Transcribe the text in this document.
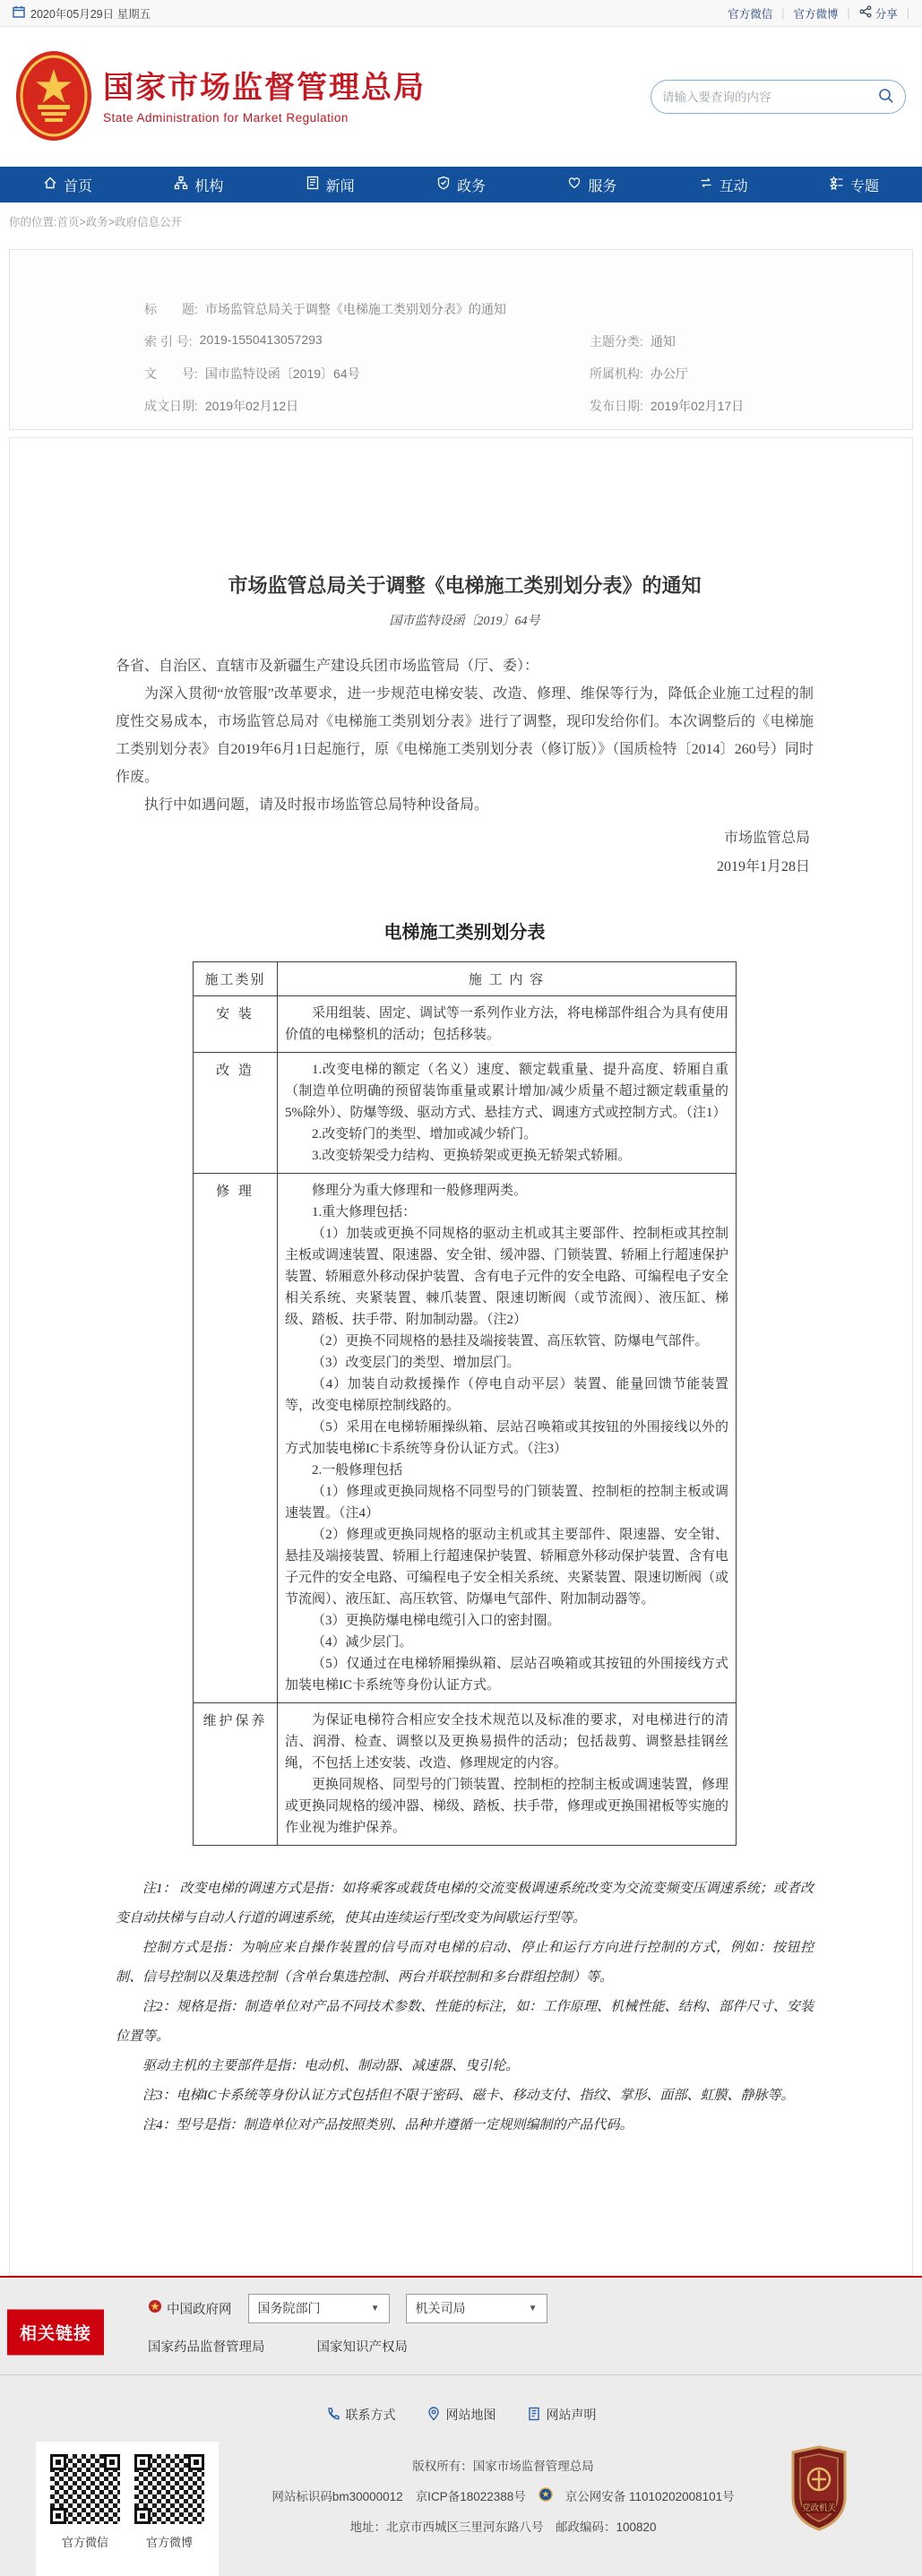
2020年05月29日 星期五	官方微信 | 官方微博 | 分享 |
国家市场监督管理总局
State Administration for Market Regulation
请输入要查询的内容
首页	机构	新闻	政务	服务	互动	专题
你的位置:首页>政务>政府信息公开
标　　题: 市场监管总局关于调整《电梯施工类别划分表》的通知
索 引 号: 2019-1550413057293	主题分类: 通知
文　　号: 国市监特设函〔2019〕64号	所属机构: 办公厅
成文日期: 2019年02月12日	发布日期: 2019年02月17日
市场监管总局关于调整《电梯施工类别划分表》的通知
国市监特设函〔2019〕64号

各省、自治区、直辖市及新疆生产建设兵团市场监管局（厅、委）：

为深入贯彻“放管服”改革要求，进一步规范电梯安装、改造、修理、维保等行为，降低企业施工过程的制度性交易成本，市场监管总局对《电梯施工类别划分表》进行了调整，现印发给你们。本次调整后的《电梯施工类别划分表》自2019年6月1日起施行，原《电梯施工类别划分表（修订版）》（国质检特〔2014〕260号）同时作废。

执行中如遇问题，请及时报市场监管总局特种设备局。

市场监管总局
2019年1月28日
电梯施工类别划分表
施工类别	施 工 内 容
安 装	采用组装、固定、调试等一系列作业方法，将电梯部件组合为具有使用价值的电梯整机的活动；包括移装。

改 造	1.改变电梯的额定（名义）速度、额定载重量、提升高度、轿厢自重（制造单位明确的预留装饰重量或累计增加/减少质量不超过额定载重量的5%除外）、防爆等级、驱动方式、悬挂方式、调速方式或控制方式。（注1）

2.改变轿门的类型、增加或减少轿门。

3.改变轿架受力结构、更换轿架或更换无轿架式轿厢。

修 理	修理分为重大修理和一般修理两类。

1.重大修理包括：

（1）加装或更换不同规格的驱动主机或其主要部件、控制柜或其控制主板或调速装置、限速器、安全钳、缓冲器、门锁装置、轿厢上行超速保护装置、轿厢意外移动保护装置、含有电子元件的安全电路、可编程电子安全相关系统、夹紧装置、棘爪装置、限速切断阀（或节流阀）、液压缸、梯级、踏板、扶手带、附加制动器。（注2）

（2）更换不同规格的悬挂及端接装置、高压软管、防爆电气部件。

（3）改变层门的类型、增加层门。

（4）加装自动救援操作（停电自动平层）装置、能量回馈节能装置等，改变电梯原控制线路的。

（5）采用在电梯轿厢操纵箱、层站召唤箱或其按钮的外围接线以外的方式加装电梯IC卡系统等身份认证方式。（注3）

2.一般修理包括

（1）修理或更换同规格不同型号的门锁装置、控制柜的控制主板或调速装置。（注4）

（2）修理或更换同规格的驱动主机或其主要部件、限速器、安全钳、悬挂及端接装置、轿厢上行超速保护装置、轿厢意外移动保护装置、含有电子元件的安全电路、可编程电子安全相关系统、夹紧装置、限速切断阀（或节流阀）、液压缸、高压软管、防爆电气部件、附加制动器等。

（3）更换防爆电梯电缆引入口的密封圈。

（4）减少层门。

（5）仅通过在电梯轿厢操纵箱、层站召唤箱或其按钮的外围接线方式加装电梯IC卡系统等身份认证方式。

维护保养	为保证电梯符合相应安全技术规范以及标准的要求，对电梯进行的清洁、润滑、检查、调整以及更换易损件的活动；包括裁剪、调整悬挂钢丝绳，不包括上述安装、改造、修理规定的内容。

更换同规格、同型号的门锁装置、控制柜的控制主板或调速装置，修理或更换同规格的缓冲器、梯级、踏板、扶手带，修理或更换围裙板等实施的作业视为维护保养。

注1： 改变电梯的调速方式是指：如将乘客或载货电梯的交流变极调速系统改变为交流变频变压调速系统；或者改变自动扶梯与自动人行道的调速系统，使其由连续运行型改变为间歇运行型等。

控制方式是指：为响应来自操作装置的信号而对电梯的启动、停止和运行方向进行控制的方式，例如：按钮控制、信号控制以及集选控制（含单台集选控制、两台并联控制和多台群组控制）等。

注2：规格是指：制造单位对产品不同技术参数、性能的标注，如：工作原理、机械性能、结构、部件尺寸、安装位置等。

驱动主机的主要部件是指：电动机、制动器、减速器、曳引轮。

注3：电梯IC卡系统等身份认证方式包括但不限于密码、磁卡、移动支付、指纹、掌形、面部、虹膜、静脉等。

注4：型号是指：制造单位对产品按照类别、品种并遵循一定规则编制的产品代码。

相关链接
中国政府网 国务院部门	▼	机关司局	▼
国家药品监督管理局	国家知识产权局
联系方式	网站地图	网站声明
官方微信	官方微博
版权所有：国家市场监督管理总局
网站标识码bm30000012 京ICP备18022388号	京公网安备 11010202008101号
地址：北京市西城区三里河东路八号　邮政编码：100820
党政机关
